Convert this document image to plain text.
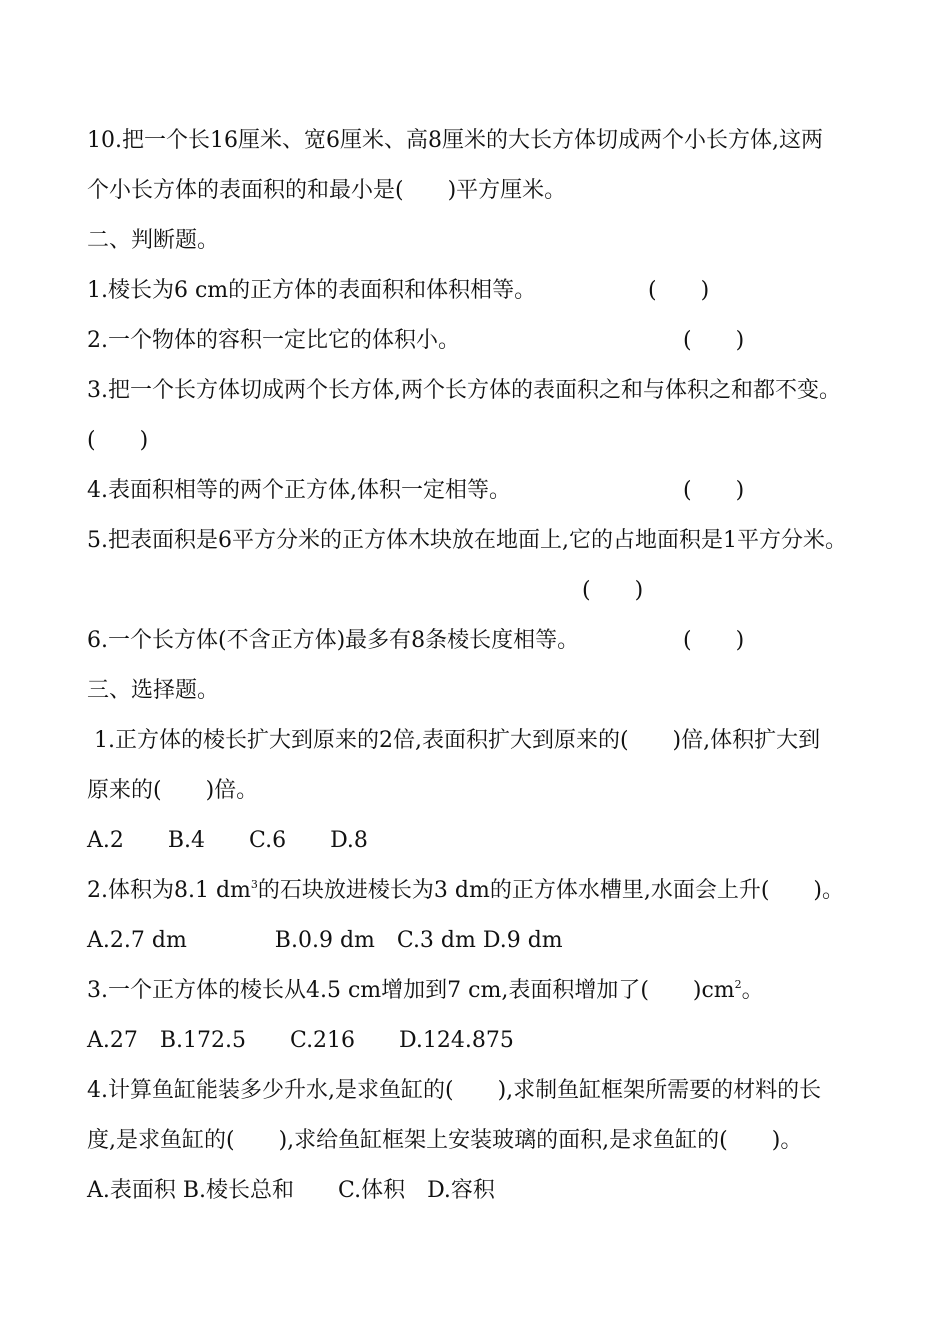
10.把一个长16厘米、宽6厘米、高8厘米的大长方体切成两个小长方体,这两
个小长方体的表面积的和最小是(　　)平方厘米。
二、判断题。
1.棱长为6 cm的正方体的表面积和体积相等。	(　　)
2.一个物体的容积一定比它的体积小。	(　　)
3.把一个长方体切成两个长方体,两个长方体的表面积之和与体积之和都不变。
(　　)
4.表面积相等的两个正方体,体积一定相等。	(　　)
5.把表面积是6平方分米的正方体木块放在地面上,它的占地面积是1平方分米。
(　　)
6.一个长方体(不含正方体)最多有8条棱长度相等。	(　　)
三、选择题。
1.正方体的棱长扩大到原来的2倍,表面积扩大到原来的(　　)倍,体积扩大到
原来的(　　)倍。
A.2　　B.4　　C.6　　D.8
2.体积为8.1 $dm^3$的石块放进棱长为3 dm的正方体水槽里,水面会上升(　　)。
A.2.7 dm　　　　B.0.9 dm　C.3 dm D.9 dm
3.一个正方体的棱长从4.5 cm增加到7 cm,表面积增加了(　　)$cm^2$。
A.27　B.172.5　　C.216　　D.124.875
4.计算鱼缸能装多少升水,是求鱼缸的(　　),求制鱼缸框架所需要的材料的长
度,是求鱼缸的(　　),求给鱼缸框架上安装玻璃的面积,是求鱼缸的(　　)。
A.表面积 B.棱长总和　　C.体积　D.容积
